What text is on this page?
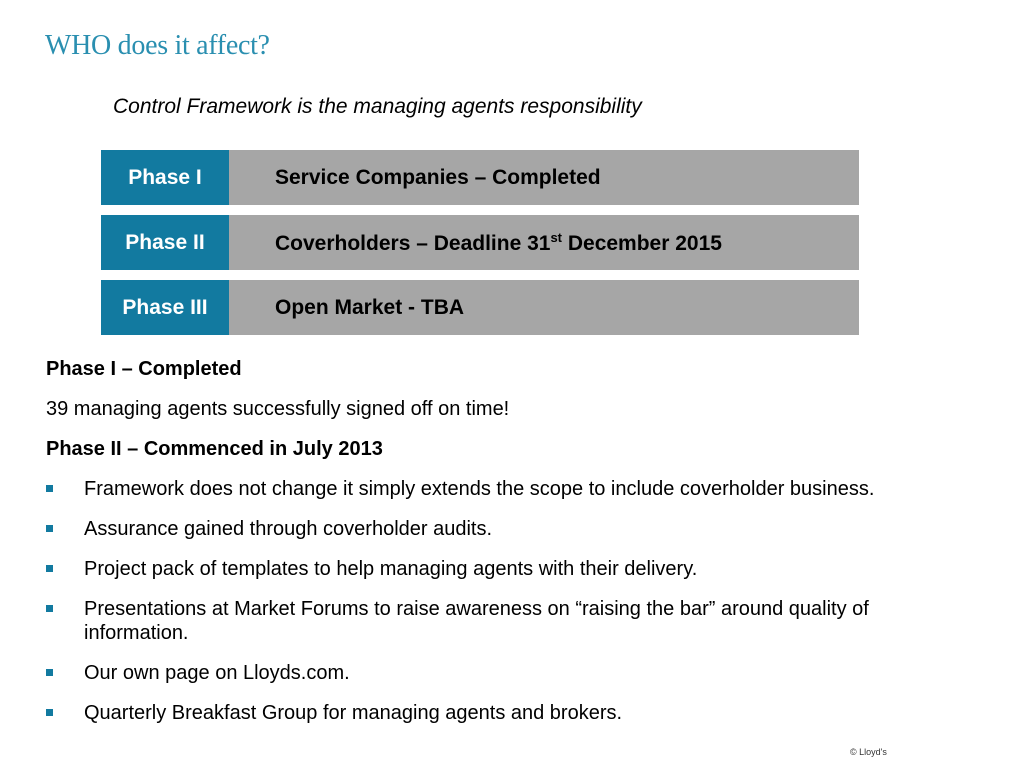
WHO does it affect?
Control Framework is the managing agents responsibility
Phase I	Service Companies – Completed
Phase II	Coverholders – Deadline 31st December 2015
Phase III	Open Market - TBA

Phase I – Completed

39 managing agents successfully signed off on time!

Phase II – Commenced in July 2013

Framework does not change it simply extends the scope to include coverholder business.
Assurance gained through coverholder audits.
Project pack of templates to help managing agents with their delivery.
Presentations at Market Forums to raise awareness on “raising the bar” around quality of information.
Our own page on Lloyds.com.
Quarterly Breakfast Group for managing agents and brokers.
© Lloyd's
